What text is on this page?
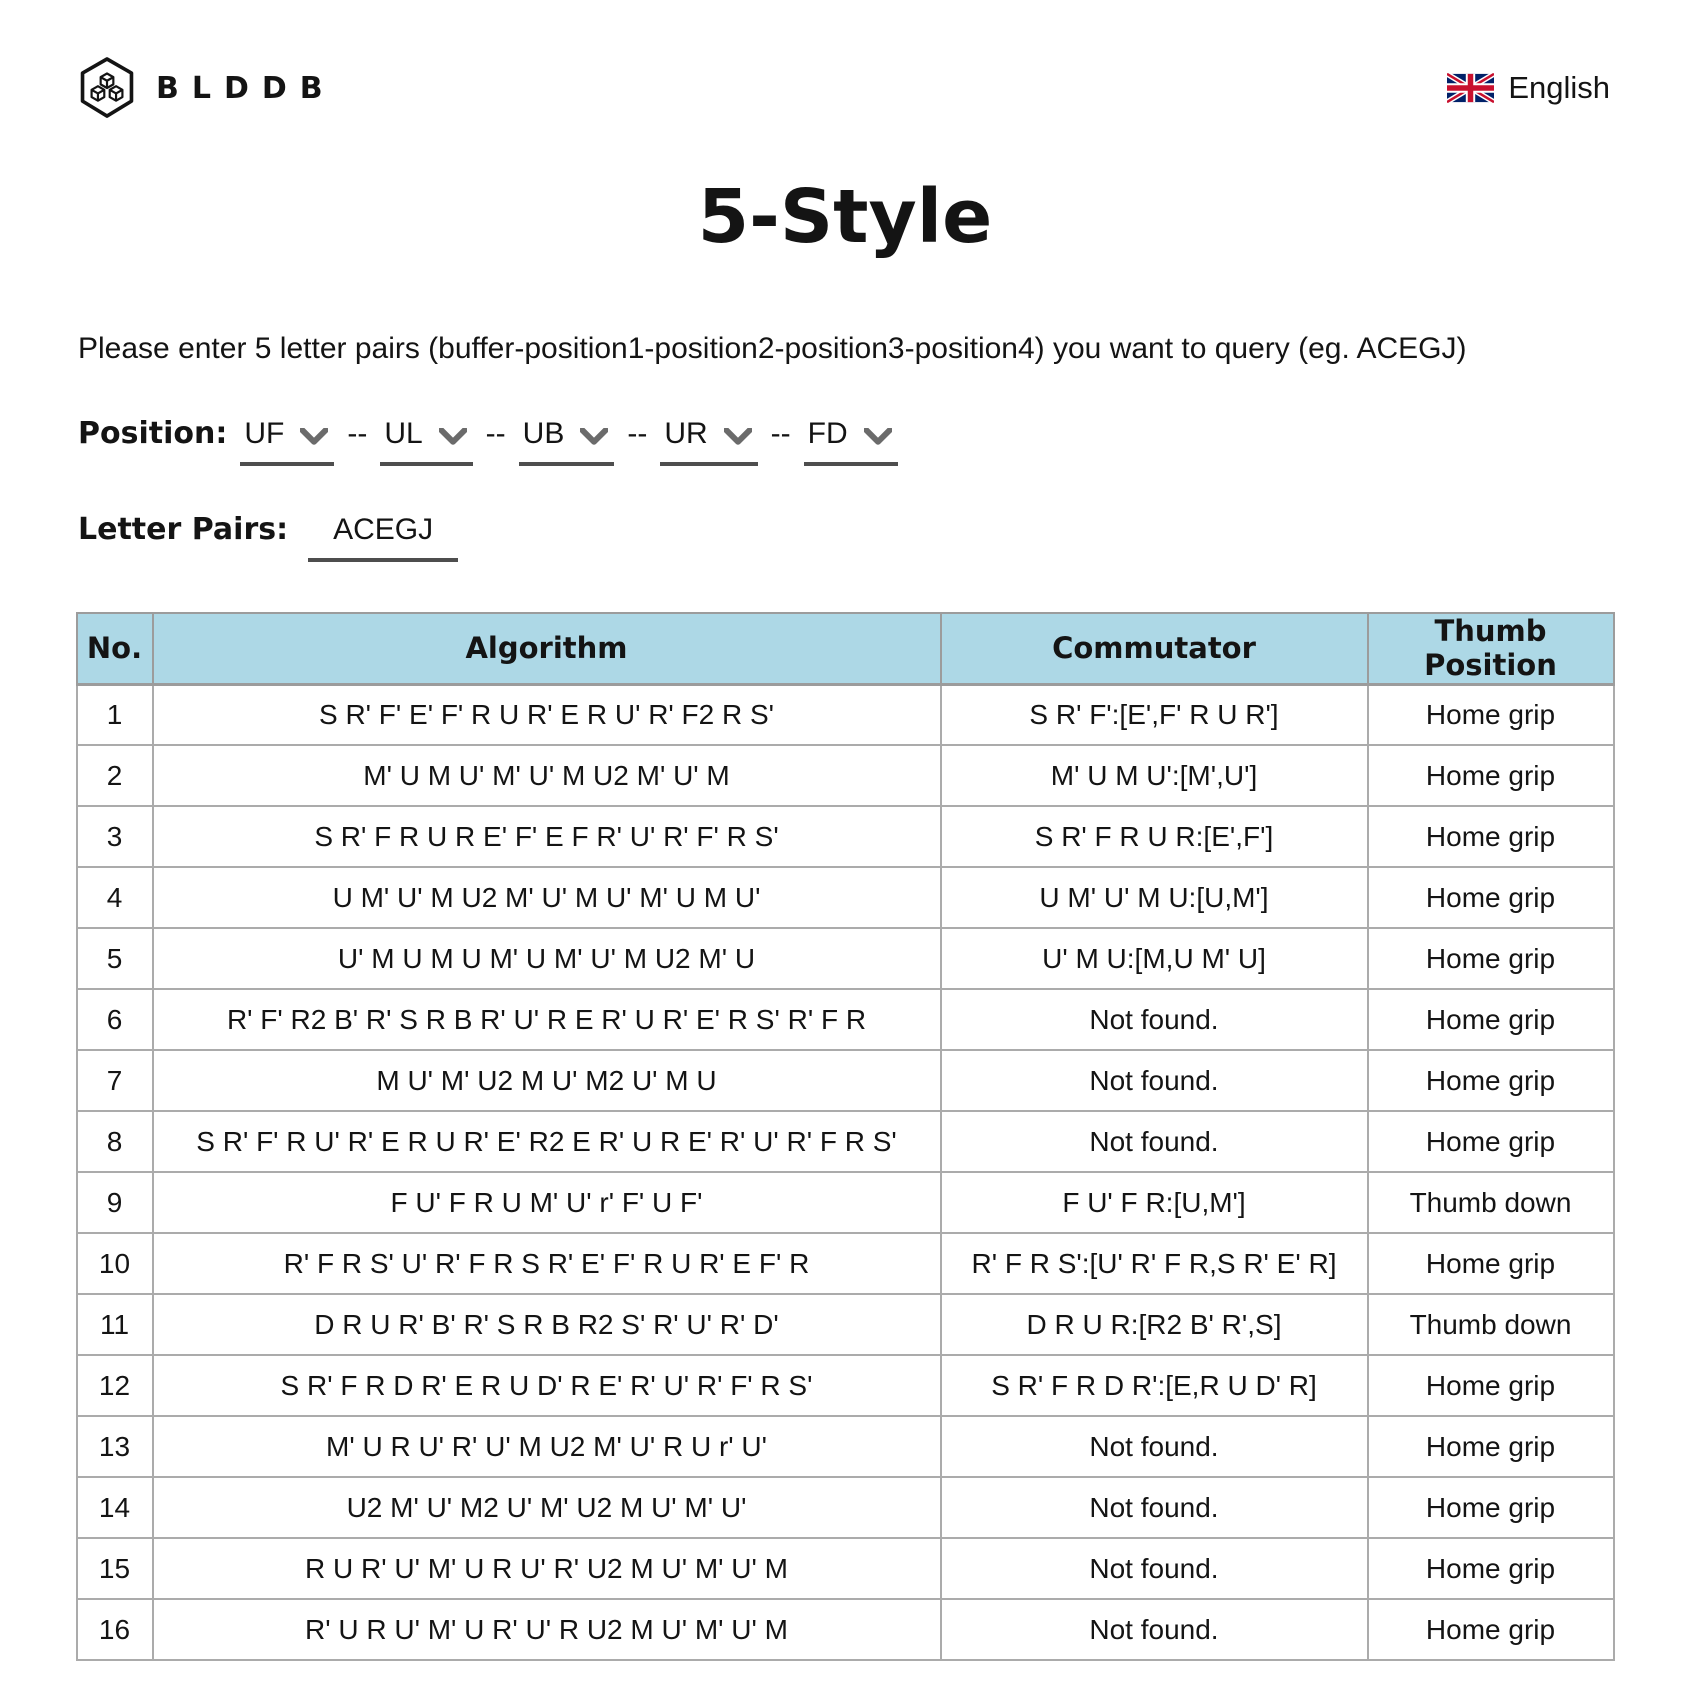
BLDDB	English
5-Style

Please enter 5 letter pairs (buffer-position1-position2-position3-position4) you want to query (eg. ACEGJ)

Position: UF -- UL -- UB -- UR -- FD
Letter Pairs:	ACEGJ
No.	Algorithm	Commutator	Thumb Position
1	S R' F' E' F' R U R' E R U' R' F2 R S'	S R' F':[E',F' R U R']	Home grip
2	M' U M U' M' U' M U2 M' U' M	M' U M U':[M',U']	Home grip
3	S R' F R U R E' F' E F R' U' R' F' R S'	S R' F R U R:[E',F']	Home grip
4	U M' U' M U2 M' U' M U' M' U M U'	U M' U' M U:[U,M']	Home grip
5	U' M U M U M' U M' U' M U2 M' U	U' M U:[M,U M' U]	Home grip
6	R' F' R2 B' R' S R B R' U' R E R' U R' E' R S' R' F R	Not found.	Home grip
7	M U' M' U2 M U' M2 U' M U	Not found.	Home grip
8	S R' F' R U' R' E R U R' E' R2 E R' U R E' R' U' R' F R S'	Not found.	Home grip
9	F U' F R U M' U' r' F' U F'	F U' F R:[U,M']	Thumb down
10	R' F R S' U' R' F R S R' E' F' R U R' E F' R	R' F R S':[U' R' F R,S R' E' R]	Home grip
11	D R U R' B' R' S R B R2 S' R' U' R' D'	D R U R:[R2 B' R',S]	Thumb down
12	S R' F R D R' E R U D' R E' R' U' R' F' R S'	S R' F R D R':[E,R U D' R]	Home grip
13	M' U R U' R' U' M U2 M' U' R U r' U'	Not found.	Home grip
14	U2 M' U' M2 U' M' U2 M U' M' U'	Not found.	Home grip
15	R U R' U' M' U R U' R' U2 M U' M' U' M	Not found.	Home grip
16	R' U R U' M' U R' U' R U2 M U' M' U' M	Not found.	Home grip
